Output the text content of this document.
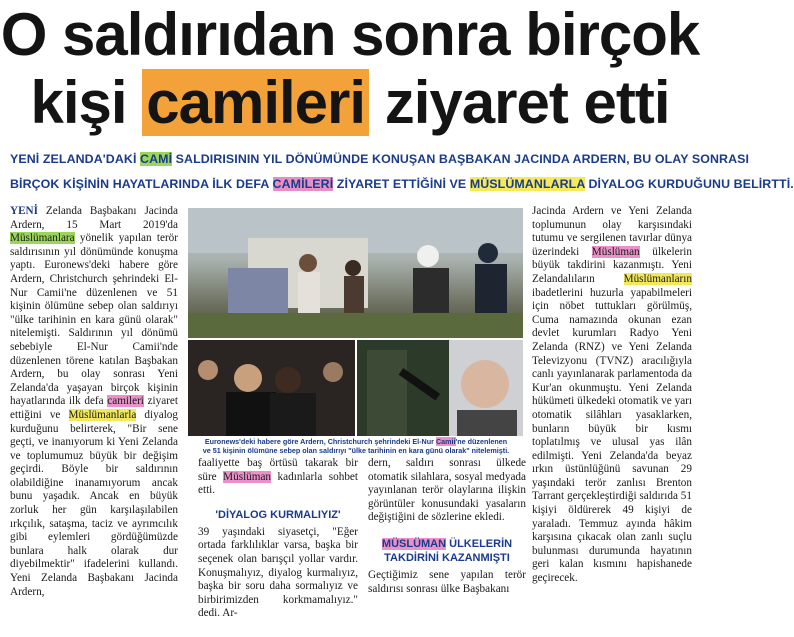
O saldırıdan sonra birçok
kişi camileri ziyaret etti
YENİ ZELANDA'DAKİ CAMİ SALDIRISININ YIL DÖNÜMÜNDE KONUŞAN BAŞBAKAN JACINDA ARDERN, BU OLAY SONRASI
BİRÇOK KİŞİNİN HAYATLARINDA İLK DEFA CAMİLERİ ZİYARET ETTİĞİNİ VE MÜSLÜMANLARLA DİYALOG KURDUĞUNU BELİRTTİ.

YENİ Zelanda Başbakanı Jacinda Ardern, 15 Mart 2019'da Müslümanlara yönelik yapılan terör saldırısının yıl dönümünde konuşma yaptı. Euronews'deki habere göre Ardern, Christchurch şehrindeki El-Nur Camii'ne düzenlenen ve 51 kişinin ölümüne sebep olan saldırıyı "ülke tarihinin en kara günü olarak" nitelemişti. Saldırının yıl dönümü sebebiyle El-Nur Camii'nde düzenlenen törene katılan Başbakan Ardern, bu olay sonrası Yeni Zelanda'da yaşayan birçok kişinin hayatlarında ilk defa camileri ziyaret ettiğini ve Müslümanlarla diyalog kurduğunu belirterek, "Bir sene geçti, ve inanıyorum ki Yeni Zelanda ve toplumumuz büyük bir değişim geçirdi. Böyle bir saldırının olabildiğine inanamıyorum ancak bunu yaşadık. Ancak en büyük zorluk her gün karşılaşılabilen ırkçılık, sataşma, taciz ve ayrımcılık gibi eylemleri gördüğümüzde bunlara halk olarak dur diyebilmektir" ifadelerini kullandı. Yeni Zelanda Başbakanı Jacinda Ardern,

Euronews'deki habere göre Ardern, Christchurch şehrindeki El-Nur Camii'ne düzenlenen
ve 51 kişinin ölümüne sebep olan saldırıyı "ülke tarihinin en kara günü olarak" nitelemişti.

faaliyette baş örtüsü takarak bir süre Müslüman kadınlarla sohbet etti.

'DİYALOG KURMALIYIZ'

39 yaşındaki siyasetçi, "Eğer ortada farklılıklar varsa, başka bir seçenek olan barışçıl yollar vardır. Konuşmalıyız, diyalog kurmalıyız, başka bir soru daha sormalıyız ve birbirimizden korkmamalıyız." dedi. Ar-

dern, saldırı sonrası ülkede otomatik silahlara, sosyal medyada yayınlanan terör olaylarına ilişkin görüntüler konusundaki yasaların değiştiğini de sözlerine ekledi.

MÜSLÜMAN ÜLKELERİN
TAKDİRİNİ KAZANMIŞTI

Geçtiğimiz sene yapılan terör saldırısı sonrası ülke Başbakanı

Jacinda Ardern ve Yeni Zelanda toplumunun olay karşısındaki tutumu ve sergilenen tavırlar dünya üzerindeki Müslüman ülkelerin büyük takdirini kazanmıştı. Yeni Zelandalıların Müslümanların ibadetlerini huzurla yapabilmeleri için nöbet tuttukları görülmüş, Cuma namazında okunan ezan devlet kurumları Radyo Yeni Zelanda (RNZ) ve Yeni Zelanda Televizyonu (TVNZ) aracılığıyla canlı yayınlanarak parlamentoda da Kur'an okunmuştu. Yeni Zelanda hükümeti ülkedeki otomatik ve yarı otomatik silâhları yasaklarken, bunların büyük bir kısmı toplatılmış ve ulusal yas ilân edilmişti. Yeni Zelanda'da beyaz ırkın üstünlüğünü savunan 29 yaşındaki terör zanlısı Brenton Tarrant gerçekleştirdiği saldırıda 51 kişiyi öldürerek 49 kişiyi de yaraladı. Temmuz ayında hâkim karşısına çıkacak olan zanlı suçlu bulunması durumunda hayatının geri kalan kısmını hapishanede geçirecek.
